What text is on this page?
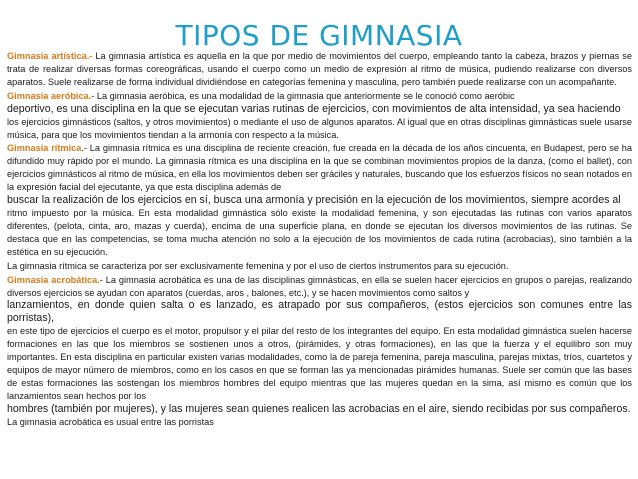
TIPOS DE GIMNASIA

Gimnasia artística.- La gimnasia artística es aquella en la que por medio de movimientos del cuerpo, empleando tanto la cabeza, brazos y piernas se trata de realizar diversas formas coreográficas, usando el cuerpo como un medio de expresión al ritmo de música, pudiendo realizarse con diversos aparatos. Suele realizarse de forma individual dividiéndose en categorías femenina y masculina, pero también puede realizarse con un acompañante.

Gimnasia aeróbica.- La gimnasia aeróbica, es una modalidad de la gimnasia que anteriormente se le conoció como aeróbic

deportivo, es una disciplina en la que se ejecutan varias rutinas de ejercicios, con movimientos de alta intensidad, ya sea haciendo

los ejercicios gimnásticos (saltos, y otros movimientos) o mediante el uso de algunos aparatos. Al igual que en otras disciplinas gimnásticas suele usarse música, para que los movimientos tiendan a la armonía con respecto a la música.

Gimnasia rítmica.- La gimnasia rítmica es una disciplina de reciente creación, fue creada en la década de los años cincuenta, en Budapest, pero se ha difundido muy rápido por el mundo. La gimnasia rítmica es una disciplina en la que se combinan movimientos propios de la danza, (como el ballet), con ejercicios gimnásticos al ritmo de música, en ella los movimientos deben ser gráciles y naturales, buscando que los esfuerzos físicos no sean notados en la expresión facial del ejecutante, ya que esta disciplina además de

buscar la realización de los ejercicios en sí, busca una armonía y precisión en la ejecución de los movimientos, siempre acordes al

ritmo impuesto por la música. En esta modalidad gimnástica sólo existe la modalidad femenina, y son ejecutadas las rutinas con varios aparatos diferentes, (pelota, cinta, aro, mazas y cuerda), encima de una superficie plana, en donde se ejecutan los diversos movimientos de las rutinas. Se destaca que en las competencias, se toma mucha atención no solo a la ejecución de los movimientos de cada rutina (acrobacias), sino también a la estética en su ejecución.

La gimnasia rítmica se caracteriza por ser exclusivamente femenina y por el uso de ciertos instrumentos para su ejecución.

Gimnasia acrobática.- La gimnasia acrobática es una de las disciplinas gimnásticas, en ella se suelen hacer ejercicios en grupos o parejas, realizando diversos ejercicios se ayudan con aparatos (cuerdas, aros , balones, etc.), y se hacen movimientos como saltos y

lanzamientos, en donde quien salta o es lanzado, es atrapado por sus compañeros, (estos ejercicios son comunes entre las porristas),

en este tipo de ejercicios el cuerpo es el motor, propulsor y el pilar del resto de los integrantes del equipo. En esta modalidad gimnástica suelen hacerse formaciones en las que los miembros se sostienen unos a otros, (pirámides, y otras formaciones), en las que la fuerza y el equilibro son muy importantes. En esta disciplina en particular existen varias modalidades, como la de pareja femenina, pareja masculina, parejas mixtas, tríos, cuartetos y equipos de mayor número de miembros, como en los casos en que se forman las ya mencionadas pirámides humanas. Suele ser común que las bases de estas formaciones las sostengan los miembros hombres del equipo mientras que las mujeres quedan en la sima, así mismo es común que los lanzamientos sean hechos por los

hombres (también por mujeres), y las mujeres sean quienes realicen las acrobacias en el aire, siendo recibidas por sus compañeros.

La gimnasia acrobática es usual entre las porristas
